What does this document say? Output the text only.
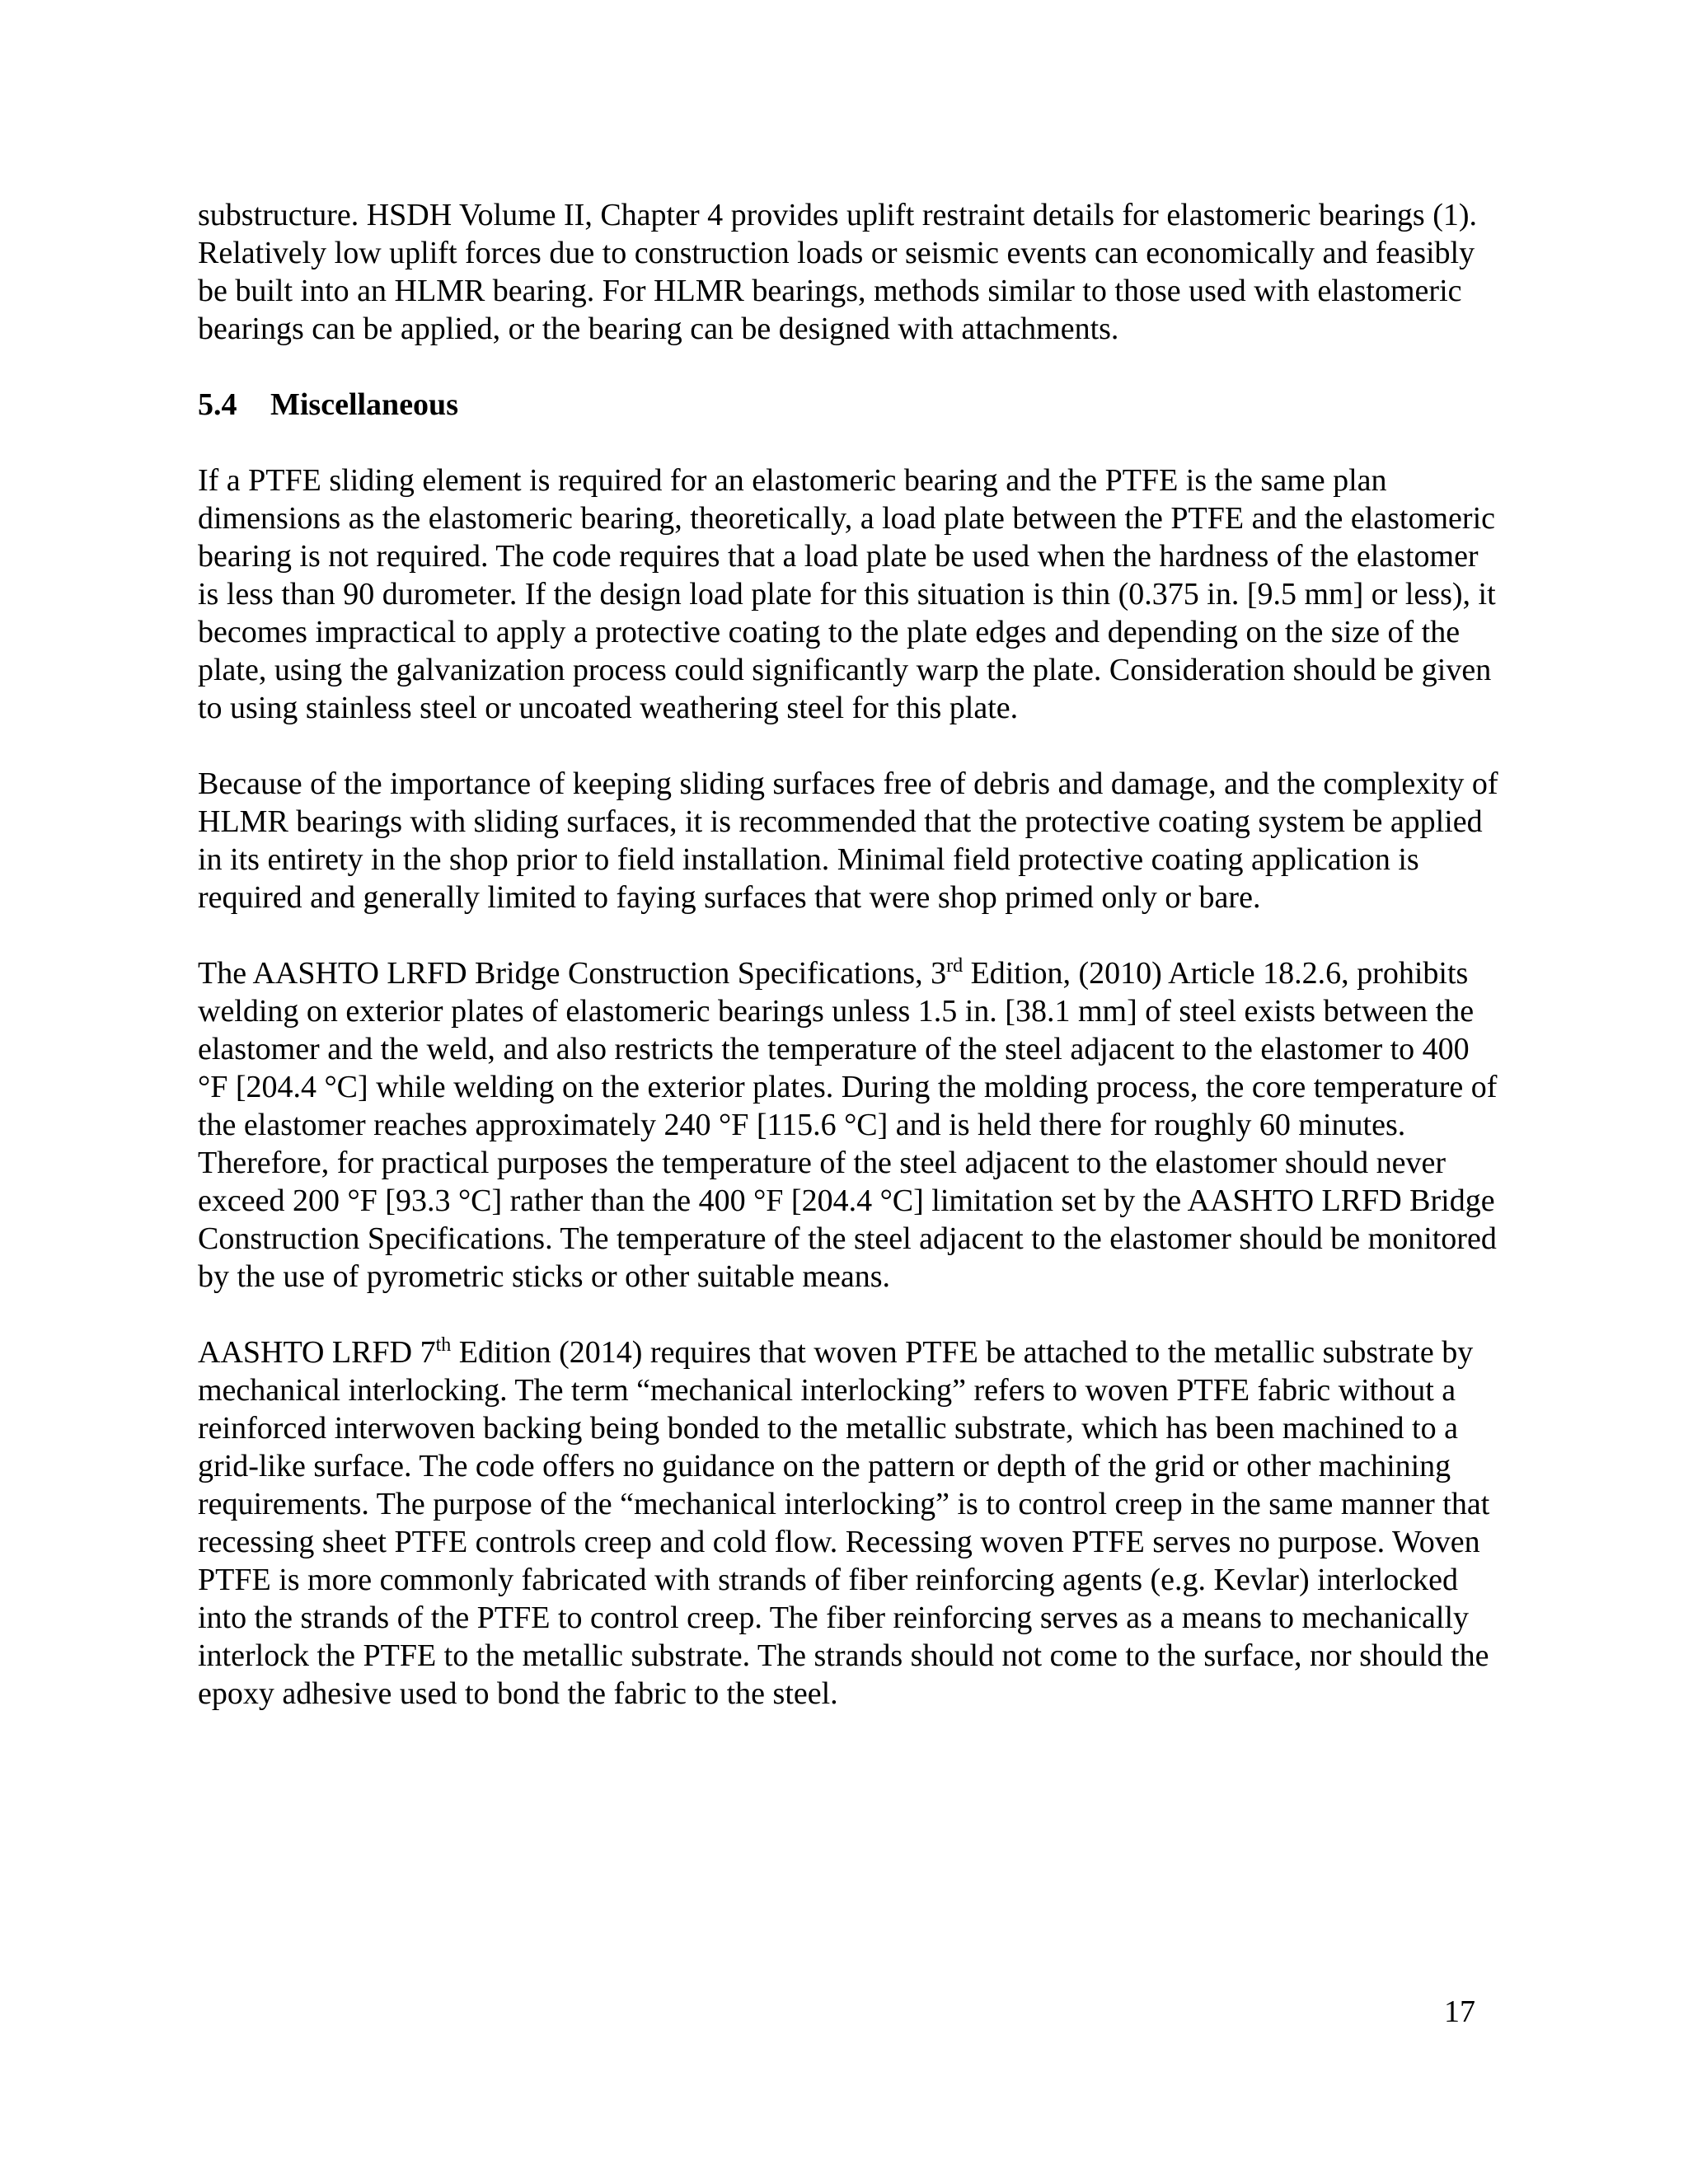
substructure. HSDH Volume II, Chapter 4 provides uplift restraint details for elastomeric bearings (1). Relatively low uplift forces due to construction loads or seismic events can economically and feasibly be built into an HLMR bearing. For HLMR bearings, methods similar to those used with elastomeric bearings can be applied, or the bearing can be designed with attachments.

5.4 Miscellaneous

If a PTFE sliding element is required for an elastomeric bearing and the PTFE is the same plan dimensions as the elastomeric bearing, theoretically, a load plate between the PTFE and the elastomeric bearing is not required. The code requires that a load plate be used when the hardness of the elastomer is less than 90 durometer. If the design load plate for this situation is thin (0.375 in. [9.5 mm] or less), it becomes impractical to apply a protective coating to the plate edges and depending on the size of the plate, using the galvanization process could significantly warp the plate. Consideration should be given to using stainless steel or uncoated weathering steel for this plate.

Because of the importance of keeping sliding surfaces free of debris and damage, and the complexity of HLMR bearings with sliding surfaces, it is recommended that the protective coating system be applied in its entirety in the shop prior to field installation. Minimal field protective coating application is required and generally limited to faying surfaces that were shop primed only or bare.

The AASHTO LRFD Bridge Construction Specifications, 3rd Edition, (2010) Article 18.2.6, prohibits welding on exterior plates of elastomeric bearings unless 1.5 in. [38.1 mm] of steel exists between the elastomer and the weld, and also restricts the temperature of the steel adjacent to the elastomer to 400 °F [204.4 °C] while welding on the exterior plates. During the molding process, the core temperature of the elastomer reaches approximately 240 °F [115.6 °C] and is held there for roughly 60 minutes. Therefore, for practical purposes the temperature of the steel adjacent to the elastomer should never exceed 200 °F [93.3 °C] rather than the 400 °F [204.4 °C] limitation set by the AASHTO LRFD Bridge Construction Specifications. The temperature of the steel adjacent to the elastomer should be monitored by the use of pyrometric sticks or other suitable means.

AASHTO LRFD 7th Edition (2014) requires that woven PTFE be attached to the metallic substrate by mechanical interlocking. The term “mechanical interlocking” refers to woven PTFE fabric without a reinforced interwoven backing being bonded to the metallic substrate, which has been machined to a grid-like surface. The code offers no guidance on the pattern or depth of the grid or other machining requirements. The purpose of the “mechanical interlocking” is to control creep in the same manner that recessing sheet PTFE controls creep and cold flow. Recessing woven PTFE serves no purpose. Woven PTFE is more commonly fabricated with strands of fiber reinforcing agents (e.g. Kevlar) interlocked into the strands of the PTFE to control creep. The fiber reinforcing serves as a means to mechanically interlock the PTFE to the metallic substrate. The strands should not come to the surface, nor should the epoxy adhesive used to bond the fabric to the steel.

17
